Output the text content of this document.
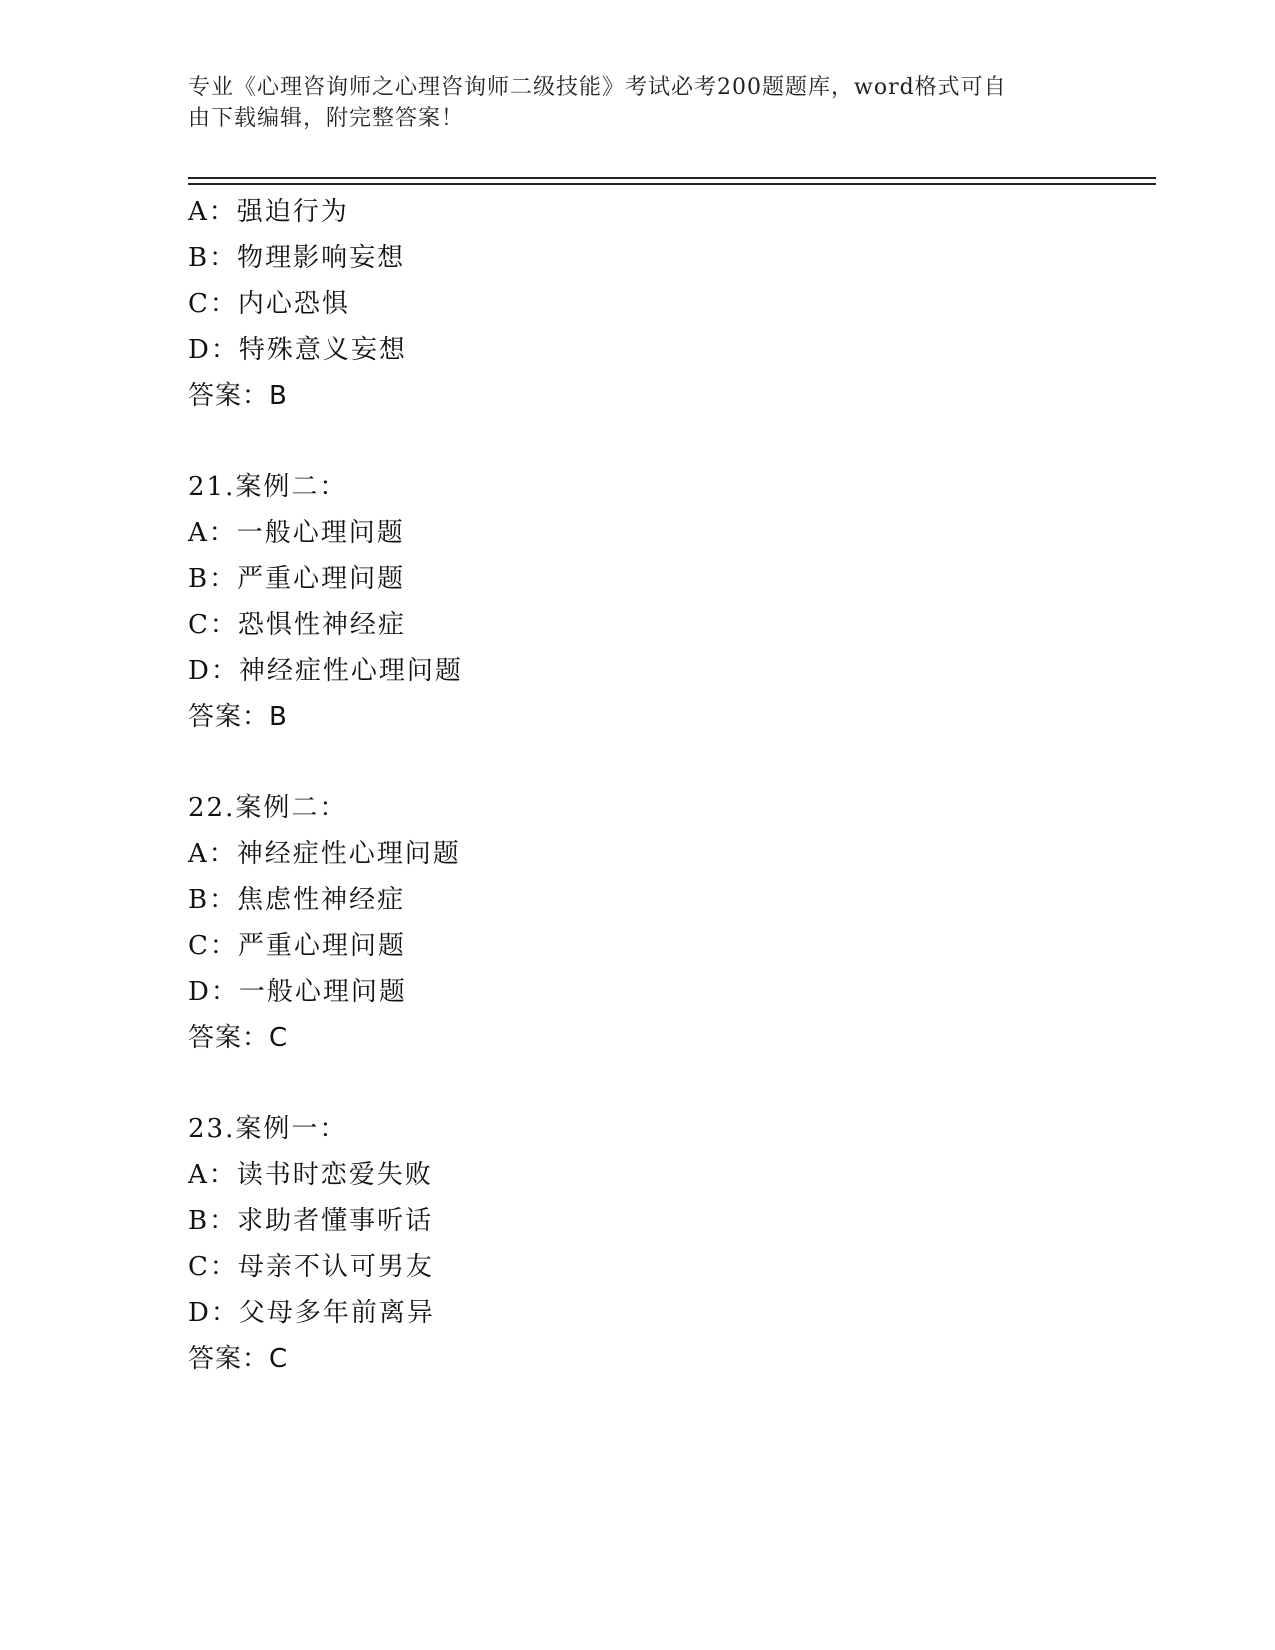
专业《心理咨询师之心理咨询师二级技能》考试必考200题题库，word格式可自
由下载编辑，附完整答案！
A：强迫行为
B：物理影响妄想
C：内心恐惧
D：特殊意义妄想
答案：B
21.案例二：
A：一般心理问题
B：严重心理问题
C：恐惧性神经症
D：神经症性心理问题
答案：B
22.案例二：
A：神经症性心理问题
B：焦虑性神经症
C：严重心理问题
D：一般心理问题
答案：C
23.案例一：
A：读书时恋爱失败
B：求助者懂事听话
C：母亲不认可男友
D：父母多年前离异
答案：C
